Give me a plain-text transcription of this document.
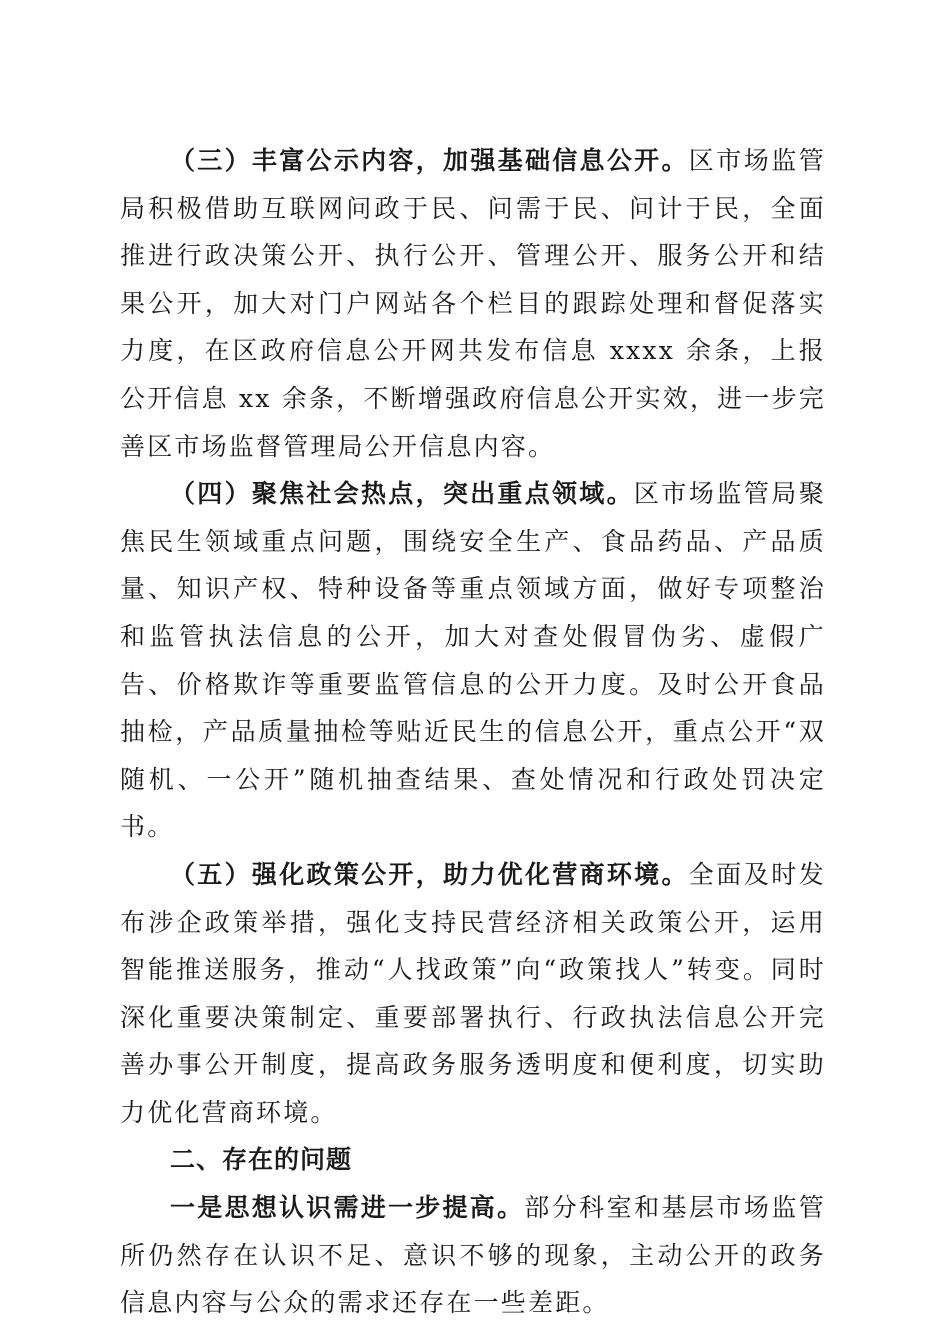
（三）丰富公示内容，加强基础信息公开。区市场监管局积极借助互联网问政于民、问需于民、问计于民，全面推进行政决策公开、执行公开、管理公开、服务公开和结果公开，加大对门户网站各个栏目的跟踪处理和督促落实力度，在区政府信息公开网共发布信息 xxxx 余条，上报公开信息 xx 余条，不断增强政府信息公开实效，进一步完善区市场监督管理局公开信息内容。

（四）聚焦社会热点，突出重点领域。区市场监管局聚焦民生领域重点问题，围绕安全生产、食品药品、产品质量、知识产权、特种设备等重点领域方面，做好专项整治和监管执法信息的公开，加大对查处假冒伪劣、虚假广告、价格欺诈等重要监管信息的公开力度。及时公开食品抽检，产品质量抽检等贴近民生的信息公开，重点公开“双随机、一公开”随机抽查结果、查处情况和行政处罚决定书。

（五）强化政策公开，助力优化营商环境。全面及时发布涉企政策举措，强化支持民营经济相关政策公开，运用智能推送服务，推动“人找政策”向“政策找人”转变。同时深化重要决策制定、重要部署执行、行政执法信息公开完善办事公开制度，提高政务服务透明度和便利度，切实助力优化营商环境。

二、存在的问题

一是思想认识需进一步提高。部分科室和基层市场监管所仍然存在认识不足、意识不够的现象，主动公开的政务信息内容与公众的需求还存在一些差距。
